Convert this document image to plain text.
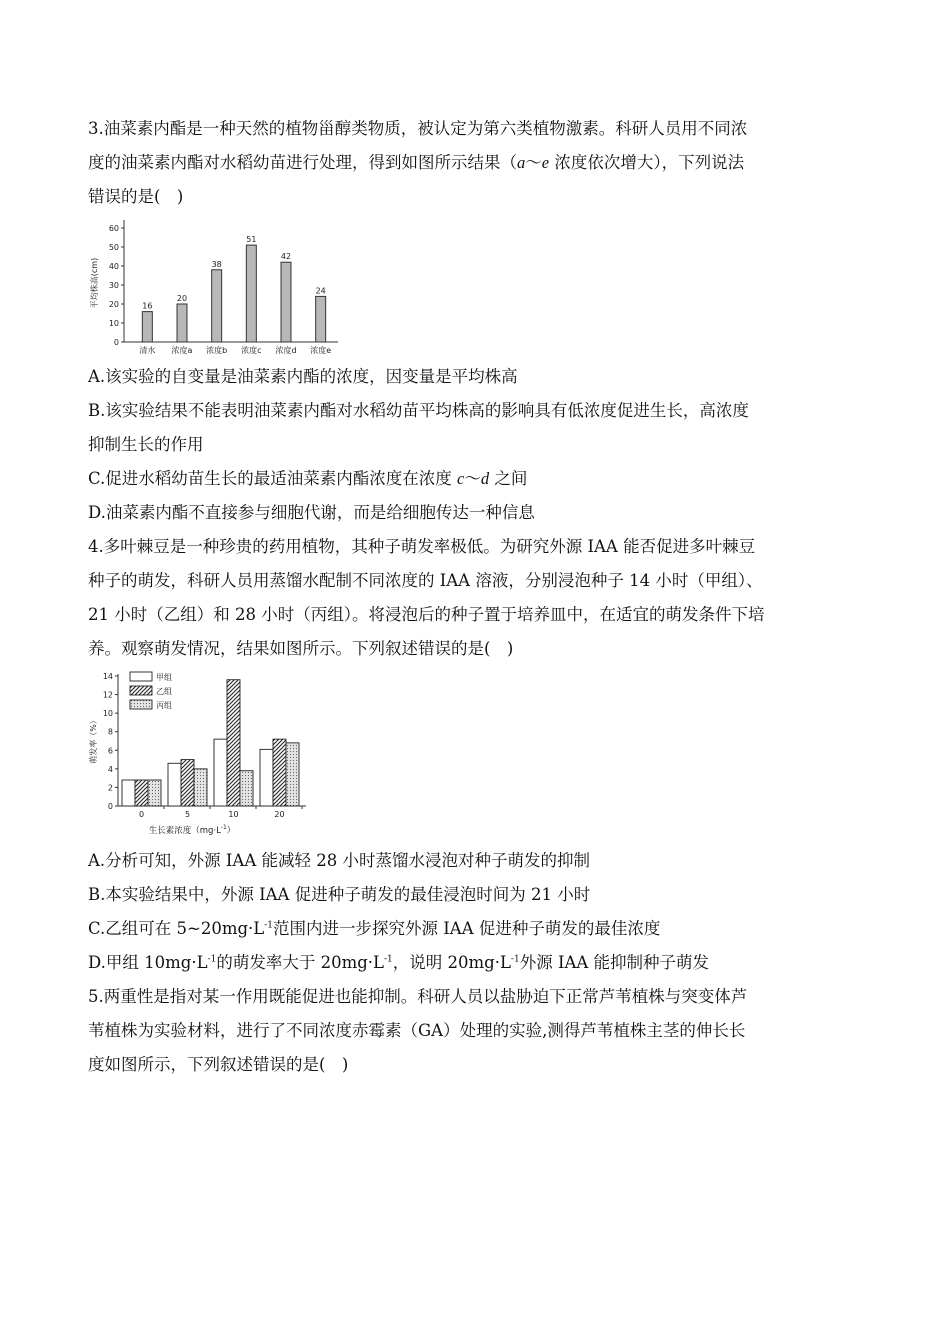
3.油菜素内酯是一种天然的植物甾醇类物质，被认定为第六类植物激素。科研人员用不同浓

度的油菜素内酯对水稻幼苗进行处理，得到如图所示结果（a～e 浓度依次增大），下列说法

错误的是(　)

0
10
20
30
40
50
60
平均株高(cm)	16
清水
20
浓度a
38
浓度b
51
浓度c
42
浓度d
24
浓度e

A.该实验的自变量是油菜素内酯的浓度，因变量是平均株高

B.该实验结果不能表明油菜素内酯对水稻幼苗平均株高的影响具有低浓度促进生长，高浓度

抑制生长的作用

C.促进水稻幼苗生长的最适油菜素内酯浓度在浓度 c～d 之间

D.油菜素内酯不直接参与细胞代谢，而是给细胞传达一种信息

4.多叶棘豆是一种珍贵的药用植物，其种子萌发率极低。为研究外源 IAA 能否促进多叶棘豆

种子的萌发，科研人员用蒸馏水配制不同浓度的 IAA 溶液，分别浸泡种子 14 小时（甲组）、

21 小时（乙组）和 28 小时（丙组）。将浸泡后的种子置于培养皿中，在适宜的萌发条件下培

养。观察萌发情况，结果如图所示。下列叙述错误的是(　)

0
2
4
6
8
10
12
14
萌发率（%）
0	5	10	20
甲组
乙组
丙组
生长素浓度$(mg\cdot L^{-1})$

A.分析可知，外源 IAA 能减轻 28 小时蒸馏水浸泡对种子萌发的抑制

B.本实验结果中，外源 IAA 促进种子萌发的最佳浸泡时间为 21 小时

C.乙组可在 $5\sim 20mg\cdot L^{-1}$范围内进一步探究外源 IAA 促进种子萌发的最佳浓度

D.甲组 $10mg\cdot L^{-1}$的萌发率大于 $20mg\cdot L^{-1}$，说明 $20mg\cdot L^{-1}$外源 IAA 能抑制种子萌发

5.两重性是指对某一作用既能促进也能抑制。科研人员以盐胁迫下正常芦苇植株与突变体芦

苇植株为实验材料，进行了不同浓度赤霉素（GA）处理的实验,测得芦苇植株主茎的伸长长

度如图所示，下列叙述错误的是(　)
